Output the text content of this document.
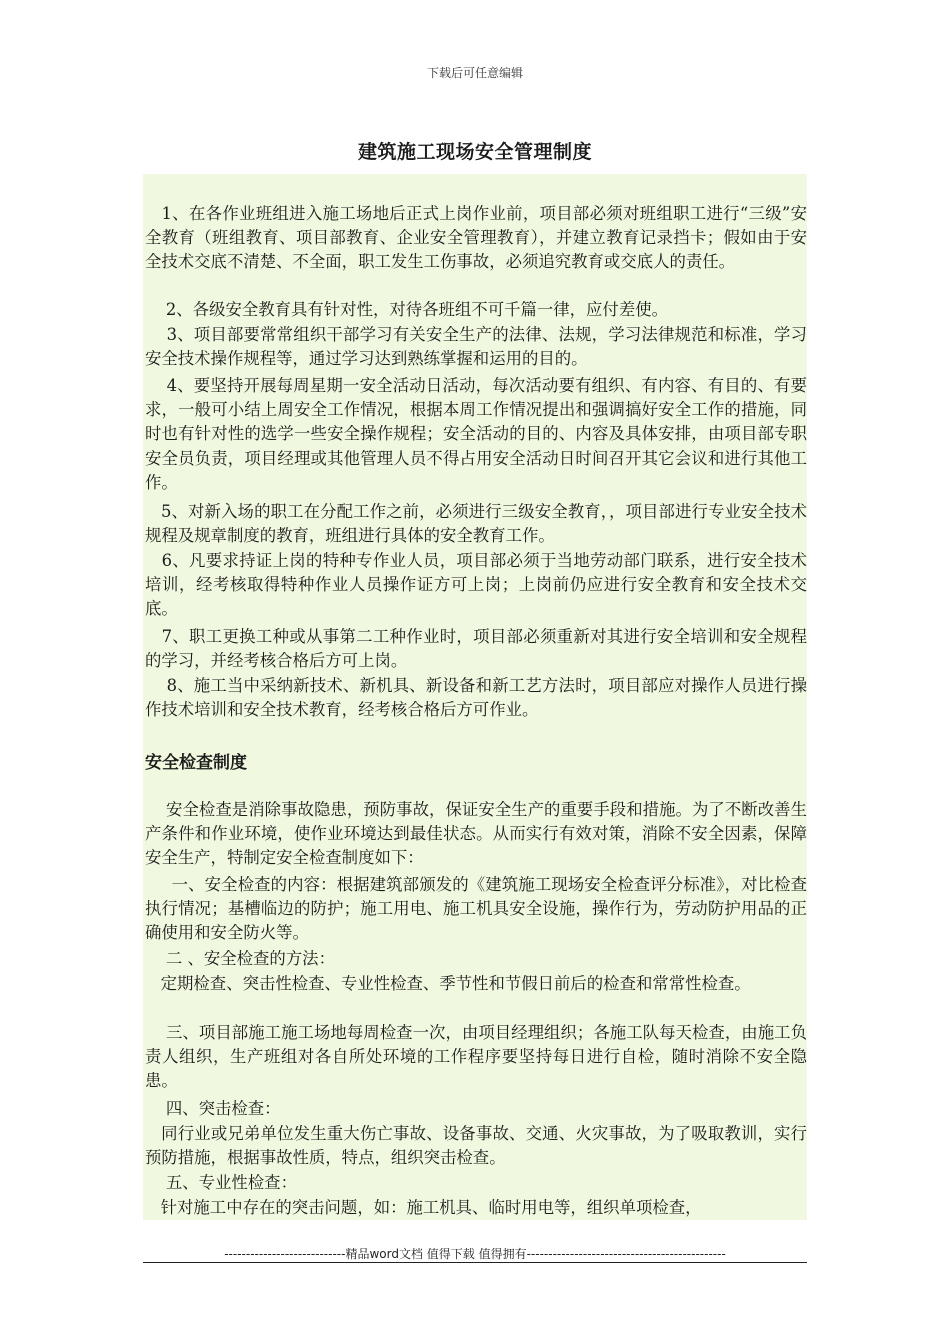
下载后可任意编辑
建筑施工现场安全管理制度

1、在各作业班组进入施工场地后正式上岗作业前，项目部必须对班组职工进行“三级”安全教育（班组教育、项目部教育、企业安全管理教育），并建立教育记录挡卡；假如由于安全技术交底不清楚、不全面，职工发生工伤事故，必须追究教育或交底人的责任。

2、各级安全教育具有针对性，对待各班组不可千篇一律，应付差使。

3、项目部要常常组织干部学习有关安全生产的法律、法规，学习法律规范和标准，学习安全技术操作规程等，通过学习达到熟练掌握和运用的目的。

4、要坚持开展每周星期一安全活动日活动，每次活动要有组织、有内容、有目的、有要求，一般可小结上周安全工作情况，根据本周工作情况提出和强调搞好安全工作的措施，同时也有针对性的选学一些安全操作规程；安全活动的目的、内容及具体安排，由项目部专职安全员负责，项目经理或其他管理人员不得占用安全活动日时间召开其它会议和进行其他工作。

5、对新入场的职工在分配工作之前，必须进行三级安全教育，，项目部进行专业安全技术规程及规章制度的教育，班组进行具体的安全教育工作。

6、凡要求持证上岗的特种专作业人员，项目部必须于当地劳动部门联系，进行安全技术培训，经考核取得特种作业人员操作证方可上岗；上岗前仍应进行安全教育和安全技术交底。

7、职工更换工种或从事第二工种作业时，项目部必须重新对其进行安全培训和安全规程的学习，并经考核合格后方可上岗。

8、施工当中采纳新技术、新机具、新设备和新工艺方法时，项目部应对操作人员进行操作技术培训和安全技术教育，经考核合格后方可作业。

安全检查制度

安全检查是消除事故隐患，预防事故，保证安全生产的重要手段和措施。为了不断改善生产条件和作业环境，使作业环境达到最佳状态。从而实行有效对策，消除不安全因素，保障安全生产，特制定安全检查制度如下：

一、安全检查的内容：根据建筑部颁发的《建筑施工现场安全检查评分标准》，对比检查执行情况；基槽临边的防护；施工用电、施工机具安全设施，操作行为，劳动防护用品的正确使用和安全防火等。

二 、安全检查的方法：

定期检查、突击性检查、专业性检查、季节性和节假日前后的检查和常常性检查。

三、项目部施工施工场地每周检查一次，由项目经理组织；各施工队每天检查，由施工负责人组织，生产班组对各自所处环境的工作程序要坚持每日进行自检，随时消除不安全隐患。

四、突击检查：

同行业或兄弟单位发生重大伤亡事故、设备事故、交通、火灾事故，为了吸取教训，实行预防措施，根据事故性质，特点，组织突击检查。

五、专业性检查：

针对施工中存在的突击问题，如：施工机具、临时用电等，组织单项检查，

----------------------------精品word文档 值得下载 值得拥有----------------------------------------------
